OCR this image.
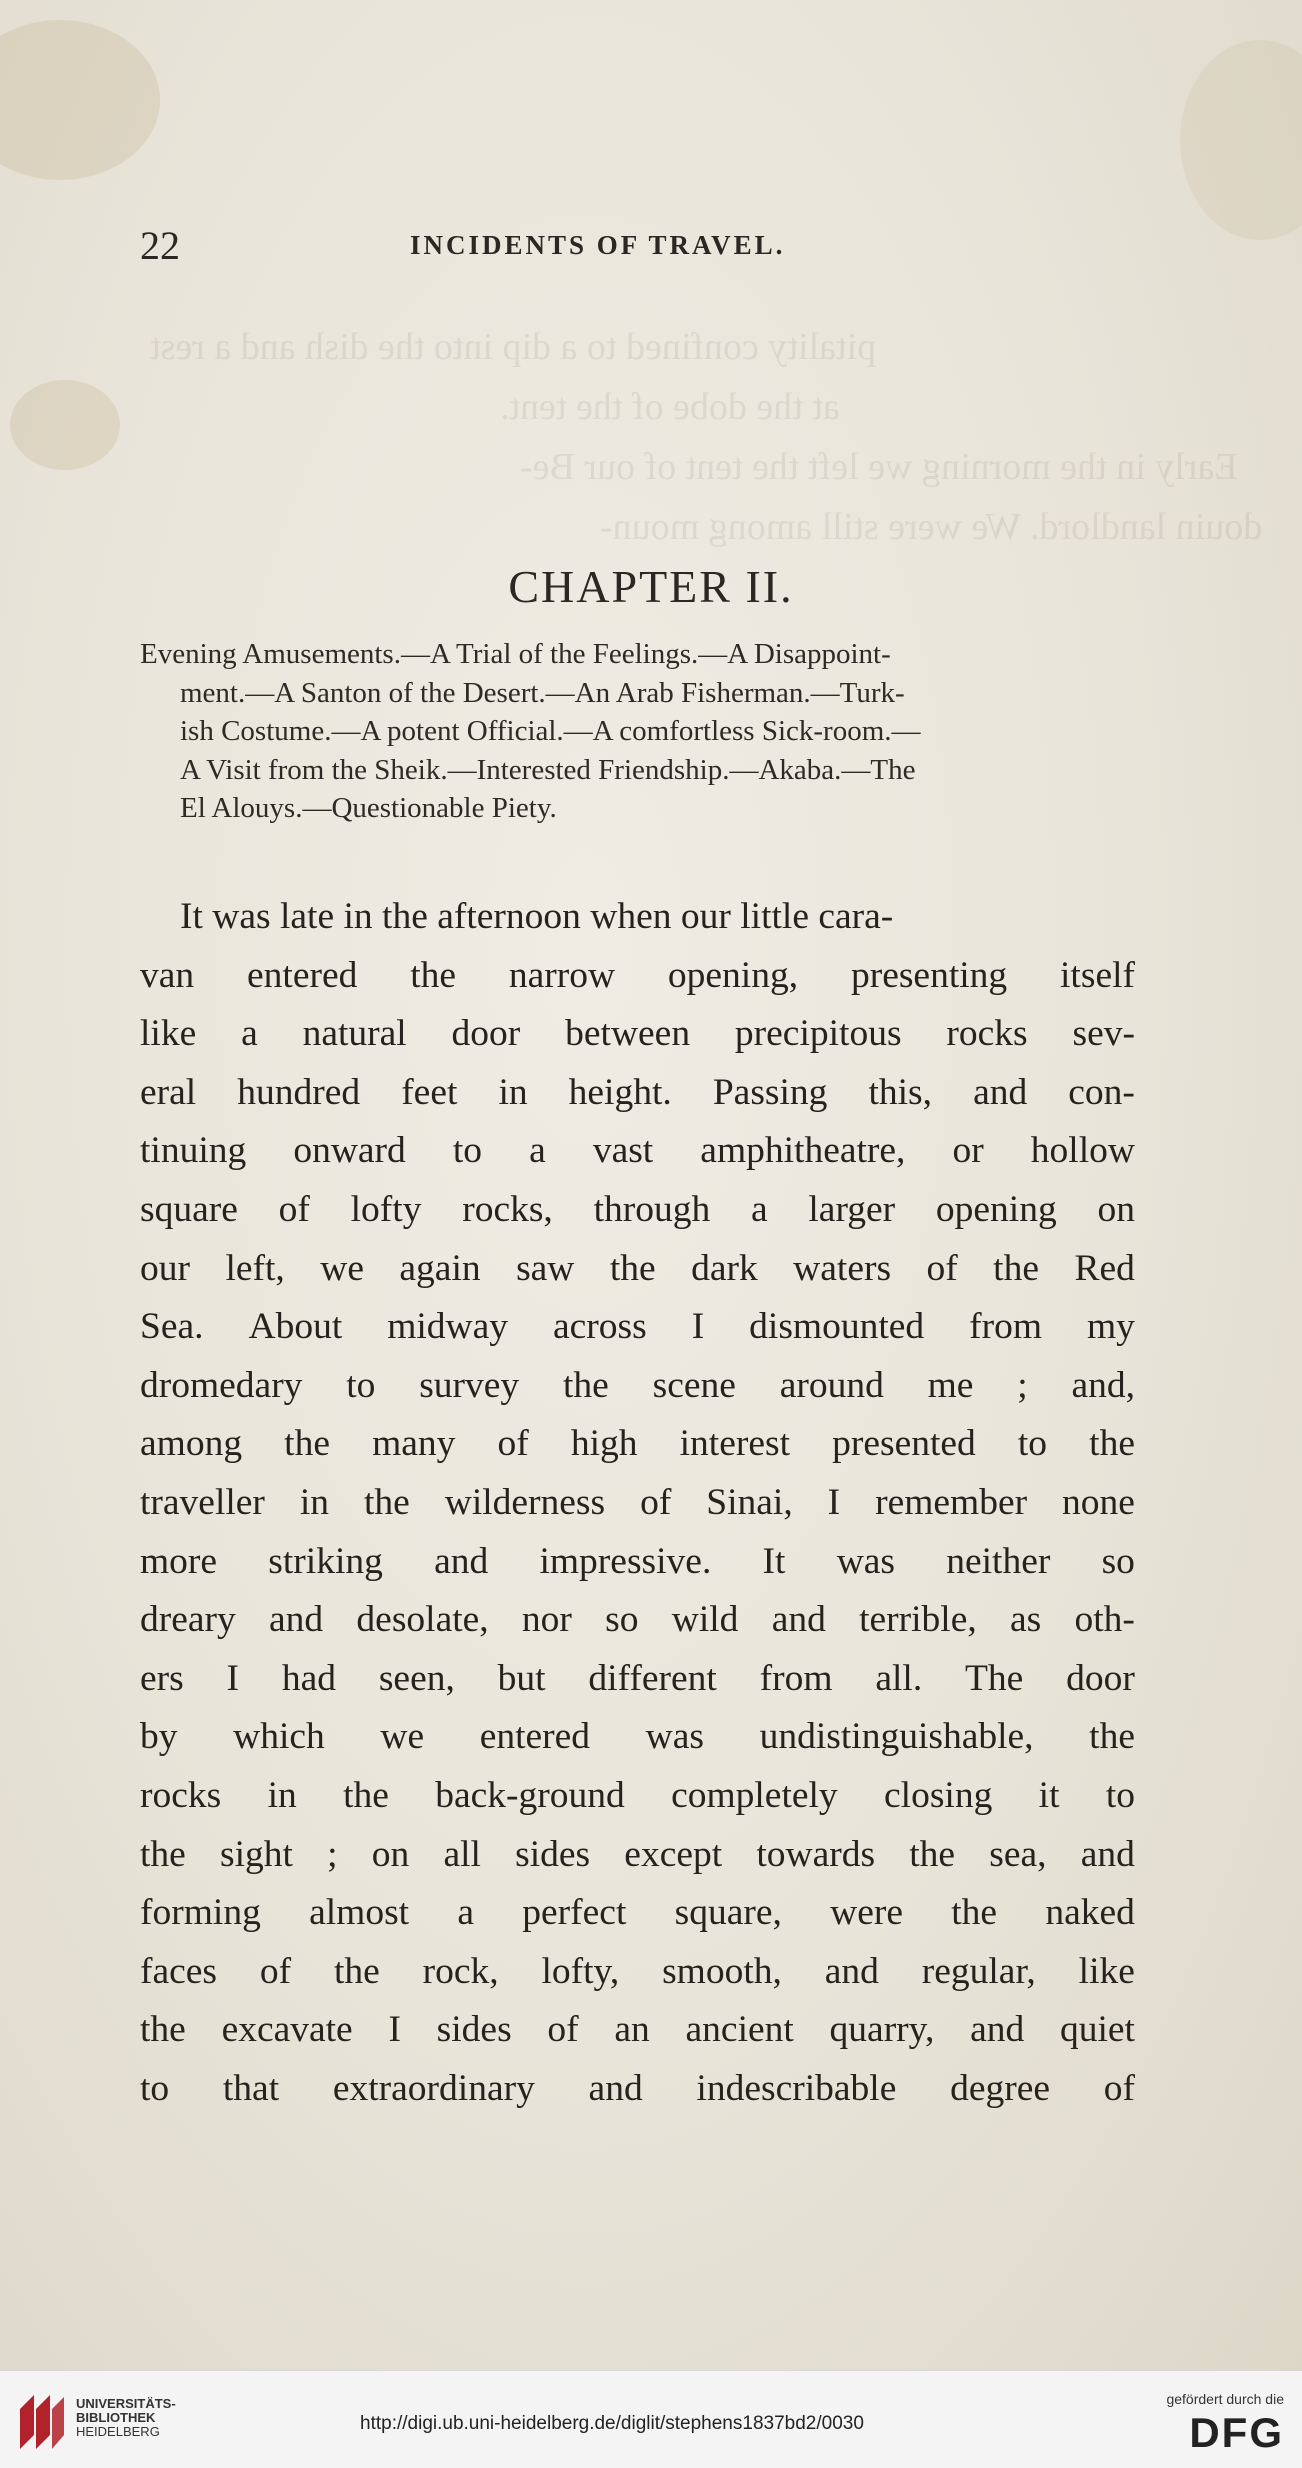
pitality confined to a dip into the dish and a rest
at the dobe of the tent.
Early in the morning we left the tent of our Be-
douin landlord. We were still among moun-
22	INCIDENTS OF TRAVEL.
CHAPTER II.
Evening Amusements.—A Trial of the Feelings.—A Disappoint-
ment.—A Santon of the Desert.—An Arab Fisherman.—Turk-
ish Costume.—A potent Official.—A comfortless Sick-room.—
A Visit from the Sheik.—Interested Friendship.—Akaba.—The
El Alouys.—Questionable Piety.
It was late in the afternoon when our little cara-
van entered the narrow opening, presenting itself
like a natural door between precipitous rocks sev-
eral hundred feet in height. Passing this, and con-
tinuing onward to a vast amphitheatre, or hollow
square of lofty rocks, through a larger opening on
our left, we again saw the dark waters of the Red
Sea. About midway across I dismounted from my
dromedary to survey the scene around me ; and,
among the many of high interest presented to the
traveller in the wilderness of Sinai, I remember none
more striking and impressive. It was neither so
dreary and desolate, nor so wild and terrible, as oth-
ers I had seen, but different from all. The door
by which we entered was undistinguishable, the
rocks in the back-ground completely closing it to
the sight ; on all sides except towards the sea, and
forming almost a perfect square, were the naked
faces of the rock, lofty, smooth, and regular, like
the excavate I sides of an ancient quarry, and quiet
to that extraordinary and indescribable degree of
UNIVERSITÄTS-
BIBLIOTHEK
HEIDELBERG	http://digi.ub.uni-heidelberg.de/diglit/stephens1837bd2/0030
gefördert durch die
DFG
